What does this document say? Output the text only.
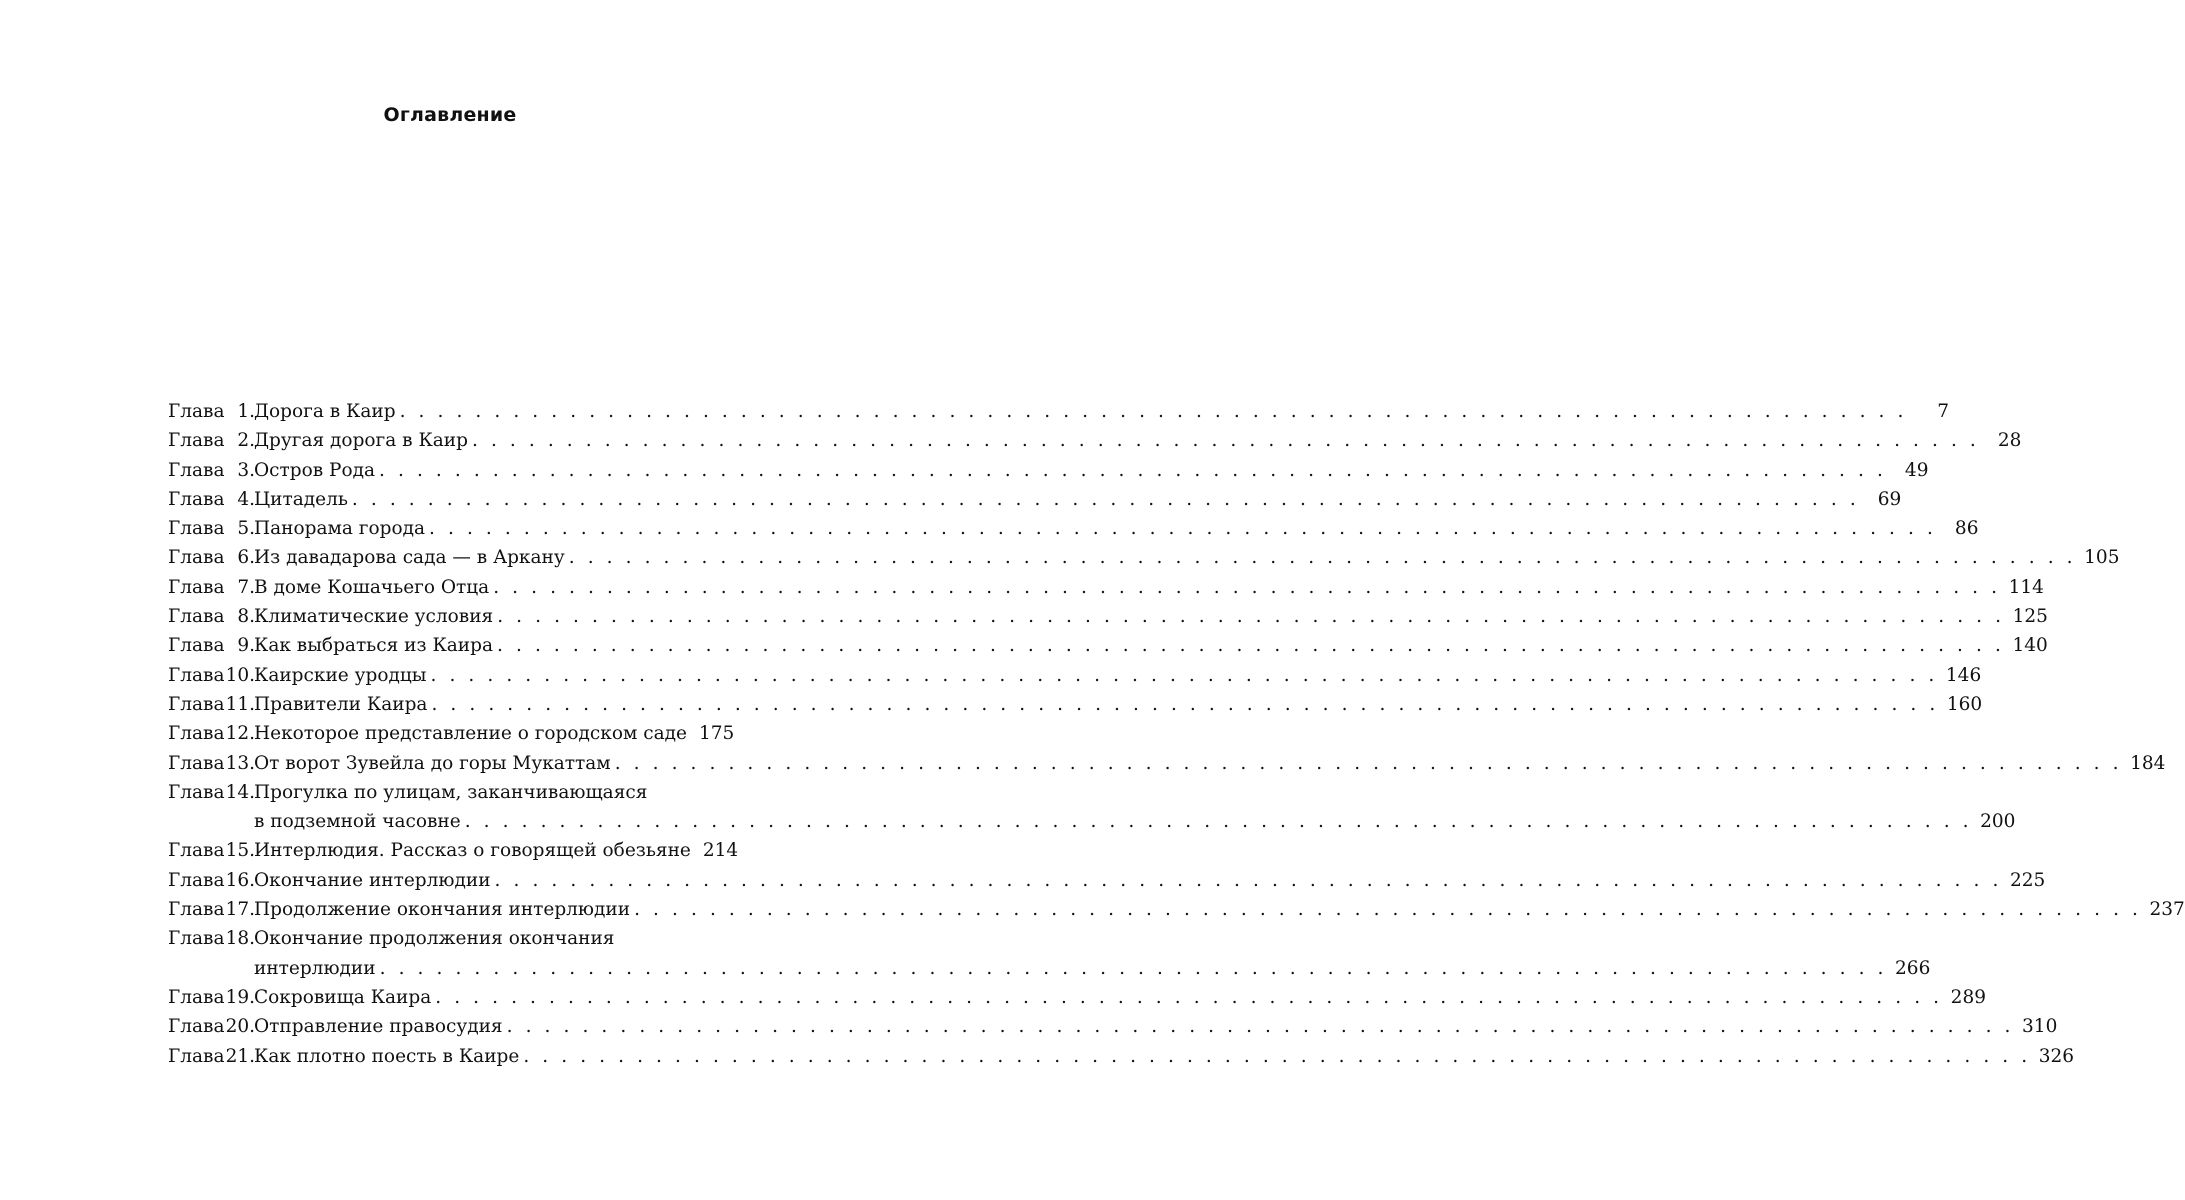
Оглавление
Глава 1. Дорога в Каир . . . . . . . . . . . . . . . . . . . . . . . . . . . . . . . . . . . . . . . . . . . . . . . . . . . . . . . . . . . . . . . . . . . . . . . . . . . . . . . .	7
Глава 2. Другая дорога в Каир . . . . . . . . . . . . . . . . . . . . . . . . . . . . . . . . . . . . . . . . . . . . . . . . . . . . . . . . . . . . . . . . . . . . . . . . . . . . . . . . 28
Глава 3. Остров Рода . . . . . . . . . . . . . . . . . . . . . . . . . . . . . . . . . . . . . . . . . . . . . . . . . . . . . . . . . . . . . . . . . . . . . . . . . . . . . . . . 49
Глава 4. Цитадель . . . . . . . . . . . . . . . . . . . . . . . . . . . . . . . . . . . . . . . . . . . . . . . . . . . . . . . . . . . . . . . . . . . . . . . . . . . . . . . . 69
Глава 5. Панорама города . . . . . . . . . . . . . . . . . . . . . . . . . . . . . . . . . . . . . . . . . . . . . . . . . . . . . . . . . . . . . . . . . . . . . . . . . . . . . . . . 86
Глава 6. Из давадарова сада — в Аркану . . . . . . . . . . . . . . . . . . . . . . . . . . . . . . . . . . . . . . . . . . . . . . . . . . . . . . . . . . . . . . . . . . . . . . . . . . . . . . . . 105
Глава 7. В доме Кошачьего Отца . . . . . . . . . . . . . . . . . . . . . . . . . . . . . . . . . . . . . . . . . . . . . . . . . . . . . . . . . . . . . . . . . . . . . . . . . . . . . . . . 114
Глава 8. Климатические условия . . . . . . . . . . . . . . . . . . . . . . . . . . . . . . . . . . . . . . . . . . . . . . . . . . . . . . . . . . . . . . . . . . . . . . . . . . . . . . . . 125
Глава 9. Как выбраться из Каира . . . . . . . . . . . . . . . . . . . . . . . . . . . . . . . . . . . . . . . . . . . . . . . . . . . . . . . . . . . . . . . . . . . . . . . . . . . . . . . . 140
Глава 10. Каирские уродцы . . . . . . . . . . . . . . . . . . . . . . . . . . . . . . . . . . . . . . . . . . . . . . . . . . . . . . . . . . . . . . . . . . . . . . . . . . . . . . . . 146
Глава 11. Правители Каира . . . . . . . . . . . . . . . . . . . . . . . . . . . . . . . . . . . . . . . . . . . . . . . . . . . . . . . . . . . . . . . . . . . . . . . . . . . . . . . . 160
Глава 12. Некоторое представление о городском саде 175
Глава 13. От ворот Зувейла до горы Мукаттам . . . . . . . . . . . . . . . . . . . . . . . . . . . . . . . . . . . . . . . . . . . . . . . . . . . . . . . . . . . . . . . . . . . . . . . . . . . . . . . . 184
Глава 14. Прогулка по улицам, заканчивающаяся
в подземной часовне . . . . . . . . . . . . . . . . . . . . . . . . . . . . . . . . . . . . . . . . . . . . . . . . . . . . . . . . . . . . . . . . . . . . . . . . . . . . . . . . 200
Глава 15. Интерлюдия. Рассказ о говорящей обезьяне 214
Глава 16. Окончание интерлюдии . . . . . . . . . . . . . . . . . . . . . . . . . . . . . . . . . . . . . . . . . . . . . . . . . . . . . . . . . . . . . . . . . . . . . . . . . . . . . . . . 225
Глава 17. Продолжение окончания интерлюдии . . . . . . . . . . . . . . . . . . . . . . . . . . . . . . . . . . . . . . . . . . . . . . . . . . . . . . . . . . . . . . . . . . . . . . . . . . . . . . . . 237
Глава 18. Окончание продолжения окончания
интерлюдии . . . . . . . . . . . . . . . . . . . . . . . . . . . . . . . . . . . . . . . . . . . . . . . . . . . . . . . . . . . . . . . . . . . . . . . . . . . . . . . . 266
Глава 19. Сокровища Каира . . . . . . . . . . . . . . . . . . . . . . . . . . . . . . . . . . . . . . . . . . . . . . . . . . . . . . . . . . . . . . . . . . . . . . . . . . . . . . . . 289
Глава 20. Отправление правосудия . . . . . . . . . . . . . . . . . . . . . . . . . . . . . . . . . . . . . . . . . . . . . . . . . . . . . . . . . . . . . . . . . . . . . . . . . . . . . . . . 310
Глава 21. Как плотно поесть в Каире . . . . . . . . . . . . . . . . . . . . . . . . . . . . . . . . . . . . . . . . . . . . . . . . . . . . . . . . . . . . . . . . . . . . . . . . . . . . . . . . 326
